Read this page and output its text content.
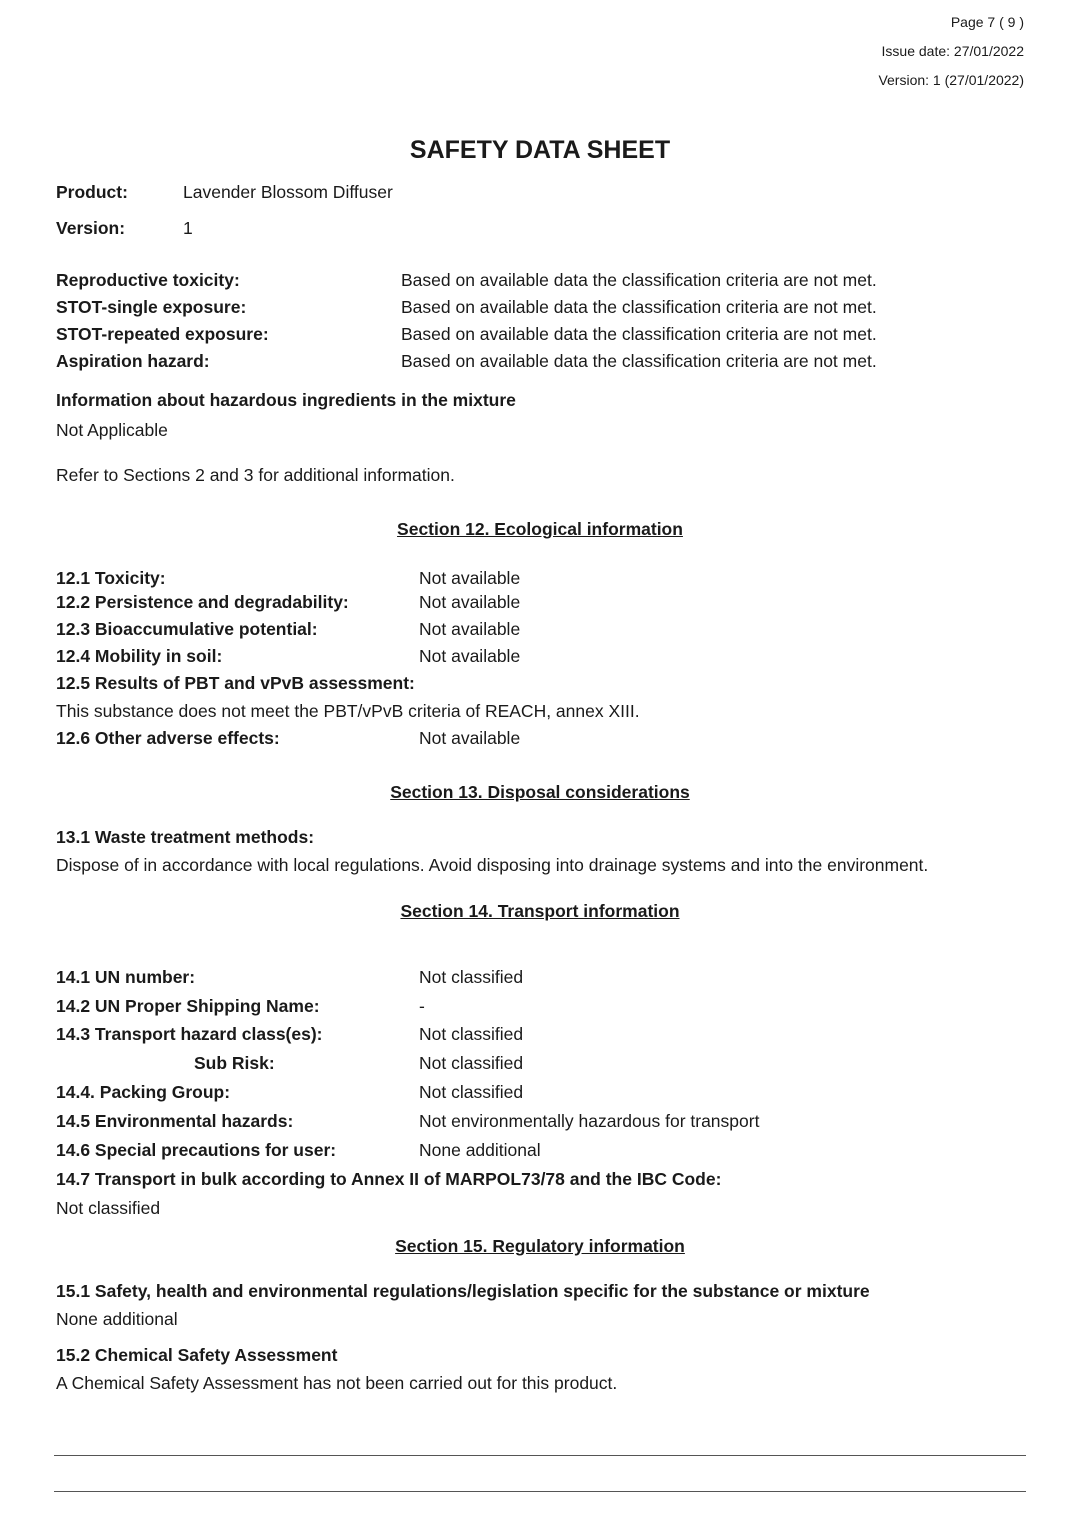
Page 7 ( 9 )
Issue date: 27/01/2022
Version: 1 (27/01/2022)
SAFETY DATA SHEET
Product:	Lavender Blossom Diffuser
Version:	1
Reproductive toxicity:	Based on available data the classification criteria are not met.
STOT-single exposure:	Based on available data the classification criteria are not met.
STOT-repeated exposure:	Based on available data the classification criteria are not met.
Aspiration hazard:	Based on available data the classification criteria are not met.
Information about hazardous ingredients in the mixture
Not Applicable
Refer to Sections 2 and 3 for additional information.
Section 12. Ecological information
12.1 Toxicity:	Not available
12.2 Persistence and degradability:	Not available
12.3 Bioaccumulative potential:	Not available
12.4 Mobility in soil:	Not available
12.5 Results of PBT and vPvB assessment:
This substance does not meet the PBT/vPvB criteria of REACH, annex XIII.
12.6 Other adverse effects:	Not available
Section 13. Disposal considerations
13.1 Waste treatment methods:
Dispose of in accordance with local regulations. Avoid disposing into drainage systems and into the environment.
Section 14. Transport information
14.1 UN number:	Not classified
14.2 UN Proper Shipping Name:	-
14.3 Transport hazard class(es):	Not classified
Sub Risk:	Not classified
14.4. Packing Group:	Not classified
14.5 Environmental hazards:	Not environmentally hazardous for transport
14.6 Special precautions for user:	None additional
14.7 Transport in bulk according to Annex II of MARPOL73/78 and the IBC Code:
Not classified
Section 15. Regulatory information
15.1 Safety, health and environmental regulations/legislation specific for the substance or mixture
None additional
15.2 Chemical Safety Assessment
A Chemical Safety Assessment has not been carried out for this product.
